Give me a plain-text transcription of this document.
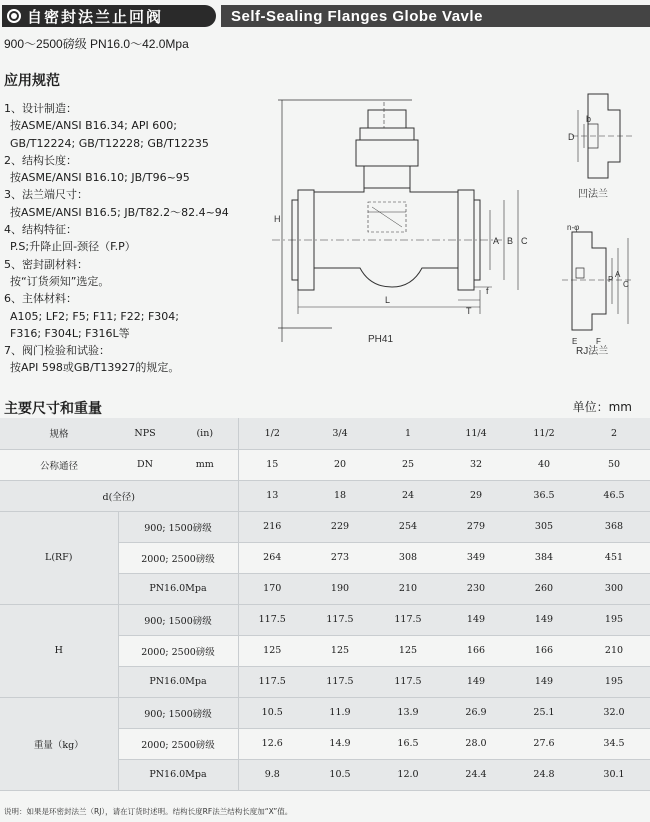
自密封法兰止回阀	Self-Sealing Flanges Globe Vavle
900～2500磅级 PN16.0～42.0Mpa
应用规范
1、设计制造：
按ASME/ANSI B16.34; API 600;
GB/T12224; GB/T12228; GB/T12235
2、结构长度：
按ASME/ANSI B16.10; JB/T96~95
3、法兰端尺寸：
按ASME/ANSI B16.5; JB/T82.2～82.4~94
4、结构特征：
P.S;升降止回-颈径（F.P）
5、密封副材料：
按“订货须知”选定。
6、主体材料：
A105; LF2; F5; F11; F22; F304;
F316; F304L; F316L等
7、阀门检验和试验：
按API 598或GB/T13927的规定。
H
L
A B C
T
f
PH41
D
b
凹法兰
n-φ
P
A
C
E F
RJ法兰
主要尺寸和重量	单位：mm
规格	NPS	(in)	1/2	3/4	1	11/4	11/2	2
公称通径	DN	mm	15	20	25	32	40	50
d(全径)			13	18	24	29	36.5	46.5
L(RF)	900; 1500磅级		216	229	254	279	305	368
	2000; 2500磅级		264	273	308	349	384	451
	PN16.0Mpa		170	190	210	230	260	300
H	900; 1500磅级		117.5	117.5	117.5	149	149	195
	2000; 2500磅级		125	125	125	166	166	210
	PN16.0Mpa		117.5	117.5	117.5	149	149	195
重量（kg）	900; 1500磅级		10.5	11.9	13.9	26.9	25.1	32.0
	2000; 2500磅级		12.6	14.9	16.5	28.0	27.6	34.5
	PN16.0Mpa		9.8	10.5	12.0	24.4	24.8	30.1
说明：如果是环密封法兰（RJ），请在订货时述明。结构长度RF法兰结构长度加“X”值。
